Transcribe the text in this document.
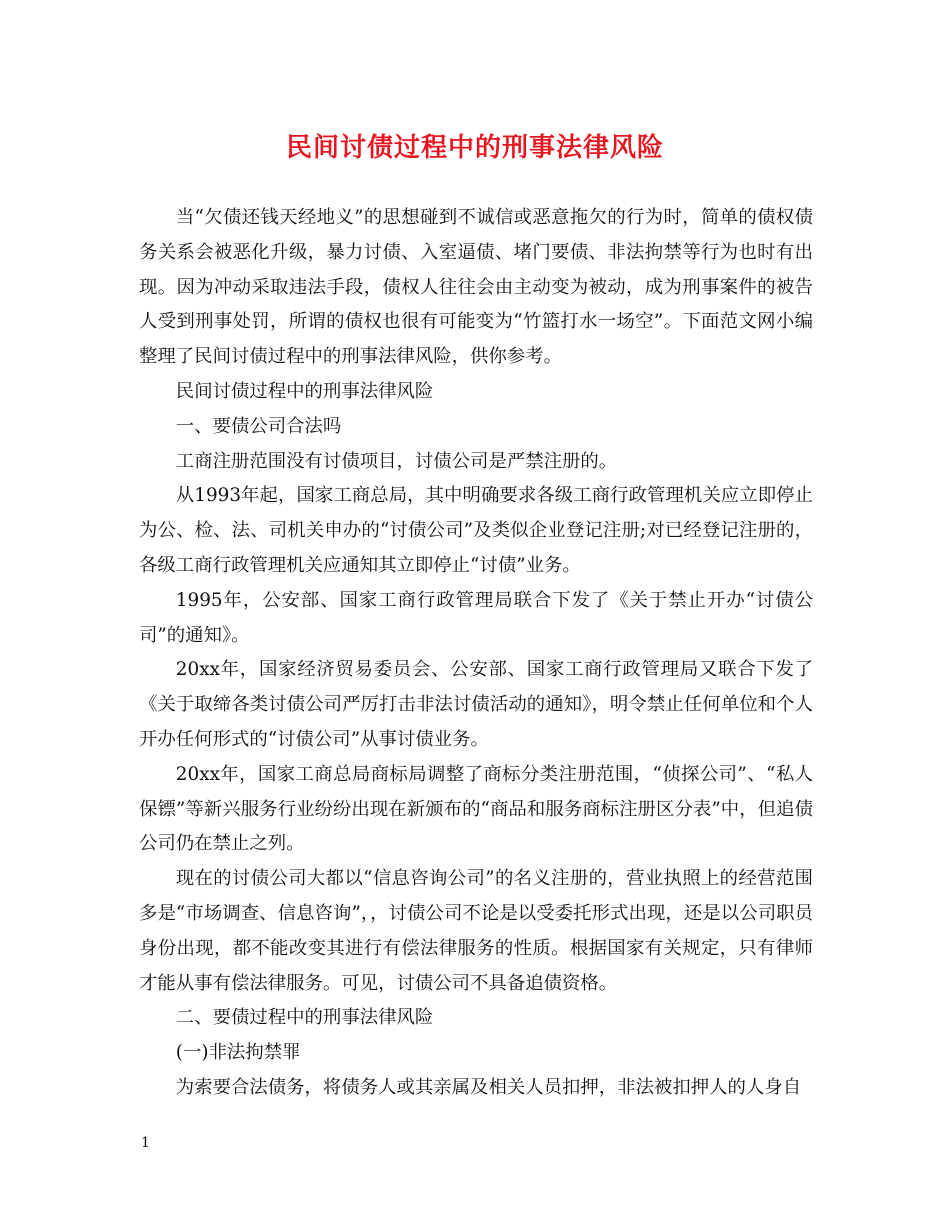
民间讨债过程中的刑事法律风险

当“欠债还钱天经地义”的思想碰到不诚信或恶意拖欠的行为时，简单的债权债务关系会被恶化升级，暴力讨债、入室逼债、堵门要债、非法拘禁等行为也时有出现。因为冲动采取违法手段，债权人往往会由主动变为被动，成为刑事案件的被告人受到刑事处罚，所谓的债权也很有可能变为“竹篮打水一场空”。下面范文网小编整理了民间讨债过程中的刑事法律风险，供你参考。

民间讨债过程中的刑事法律风险

一、要债公司合法吗

工商注册范围没有讨债项目，讨债公司是严禁注册的。

从1993年起，国家工商总局，其中明确要求各级工商行政管理机关应立即停止为公、检、法、司机关申办的“讨债公司”及类似企业登记注册;对已经登记注册的，各级工商行政管理机关应通知其立即停止“讨债”业务。

1995年，公安部、国家工商行政管理局联合下发了《关于禁止开办“讨债公司”的通知》。

20xx年，国家经济贸易委员会、公安部、国家工商行政管理局又联合下发了《关于取缔各类讨债公司严厉打击非法讨债活动的通知》，明令禁止任何单位和个人开办任何形式的“讨债公司”从事讨债业务。

20xx年，国家工商总局商标局调整了商标分类注册范围，“侦探公司”、“私人保镖”等新兴服务行业纷纷出现在新颁布的“商品和服务商标注册区分表”中，但追债公司仍在禁止之列。

现在的讨债公司大都以“信息咨询公司”的名义注册的，营业执照上的经营范围多是“市场调查、信息咨询”，，讨债公司不论是以受委托形式出现，还是以公司职员身份出现，都不能改变其进行有偿法律服务的性质。根据国家有关规定，只有律师才能从事有偿法律服务。可见，讨债公司不具备追债资格。

二、要债过程中的刑事法律风险

(一)非法拘禁罪

为索要合法债务，将债务人或其亲属及相关人员扣押，非法被扣押人的人身自

1
